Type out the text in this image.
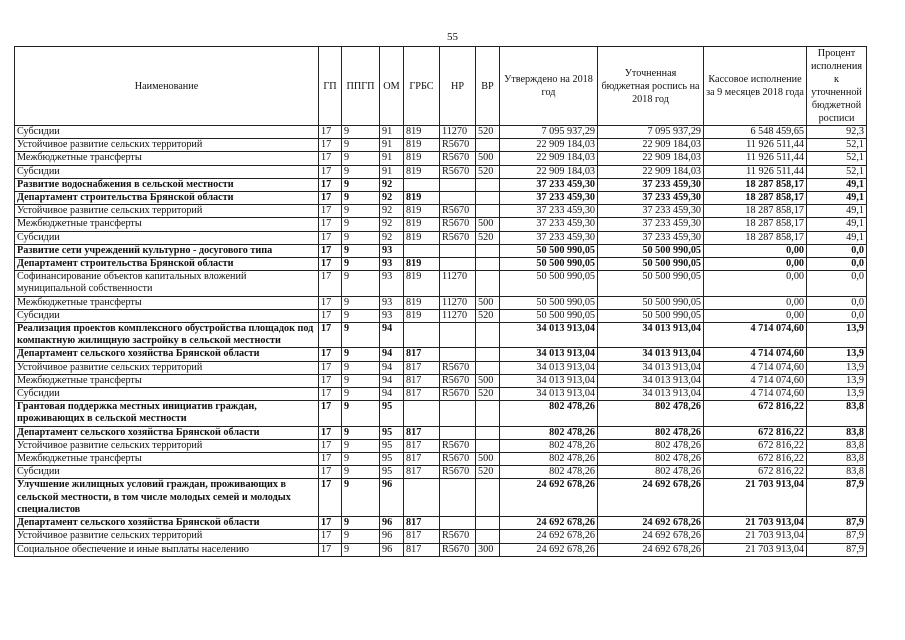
55
Наименование	ГП	ППГП	ОМ	ГРБС	НР	ВР	Утверждено на 2018 год	Уточненная бюджетная роспись на 2018 год	Кассовое исполнение за 9 месяцев 2018 года	Процент исполнения к уточненной бюджетной росписи
Субсидии	17	9	91	819	11270	520	7 095 937,29	7 095 937,29	6 548 459,65	92,3
Устойчивое развитие сельских территорий	17	9	91	819	R5670		22 909 184,03	22 909 184,03	11 926 511,44	52,1
Межбюджетные трансферты	17	9	91	819	R5670	500	22 909 184,03	22 909 184,03	11 926 511,44	52,1
Субсидии	17	9	91	819	R5670	520	22 909 184,03	22 909 184,03	11 926 511,44	52,1
Развитие водоснабжения в сельской местности	17	9	92				37 233 459,30	37 233 459,30	18 287 858,17	49,1
Департамент строительства Брянской области	17	9	92	819			37 233 459,30	37 233 459,30	18 287 858,17	49,1
Устойчивое развитие сельских территорий	17	9	92	819	R5670		37 233 459,30	37 233 459,30	18 287 858,17	49,1
Межбюджетные трансферты	17	9	92	819	R5670	500	37 233 459,30	37 233 459,30	18 287 858,17	49,1
Субсидии	17	9	92	819	R5670	520	37 233 459,30	37 233 459,30	18 287 858,17	49,1
Развитие сети учреждений культурно - досугового типа	17	9	93				50 500 990,05	50 500 990,05	0,00	0,0
Департамент строительства Брянской области	17	9	93	819			50 500 990,05	50 500 990,05	0,00	0,0
Софинансирование объектов капитальных вложений муниципальной собственности	17	9	93	819	11270		50 500 990,05	50 500 990,05	0,00	0,0
Межбюджетные трансферты	17	9	93	819	11270	500	50 500 990,05	50 500 990,05	0,00	0,0
Субсидии	17	9	93	819	11270	520	50 500 990,05	50 500 990,05	0,00	0,0
Реализация проектов комплексного обустройства площадок под компактную жилищную застройку в сельской местности	17	9	94				34 013 913,04	34 013 913,04	4 714 074,60	13,9
Департамент сельского хозяйства Брянской области	17	9	94	817			34 013 913,04	34 013 913,04	4 714 074,60	13,9
Устойчивое развитие сельских территорий	17	9	94	817	R5670		34 013 913,04	34 013 913,04	4 714 074,60	13,9
Межбюджетные трансферты	17	9	94	817	R5670	500	34 013 913,04	34 013 913,04	4 714 074,60	13,9
Субсидии	17	9	94	817	R5670	520	34 013 913,04	34 013 913,04	4 714 074,60	13,9
Грантовая поддержка местных инициатив граждан, проживающих в сельской местности	17	9	95				802 478,26	802 478,26	672 816,22	83,8
Департамент сельского хозяйства Брянской области	17	9	95	817			802 478,26	802 478,26	672 816,22	83,8
Устойчивое развитие сельских территорий	17	9	95	817	R5670		802 478,26	802 478,26	672 816,22	83,8
Межбюджетные трансферты	17	9	95	817	R5670	500	802 478,26	802 478,26	672 816,22	83,8
Субсидии	17	9	95	817	R5670	520	802 478,26	802 478,26	672 816,22	83,8
Улучшение жилищных условий граждан, проживающих в сельской местности, в том числе молодых семей и молодых специалистов	17	9	96				24 692 678,26	24 692 678,26	21 703 913,04	87,9
Департамент сельского хозяйства Брянской области	17	9	96	817			24 692 678,26	24 692 678,26	21 703 913,04	87,9
Устойчивое развитие сельских территорий	17	9	96	817	R5670		24 692 678,26	24 692 678,26	21 703 913,04	87,9
Социальное обеспечение и иные выплаты населению	17	9	96	817	R5670	300	24 692 678,26	24 692 678,26	21 703 913,04	87,9
